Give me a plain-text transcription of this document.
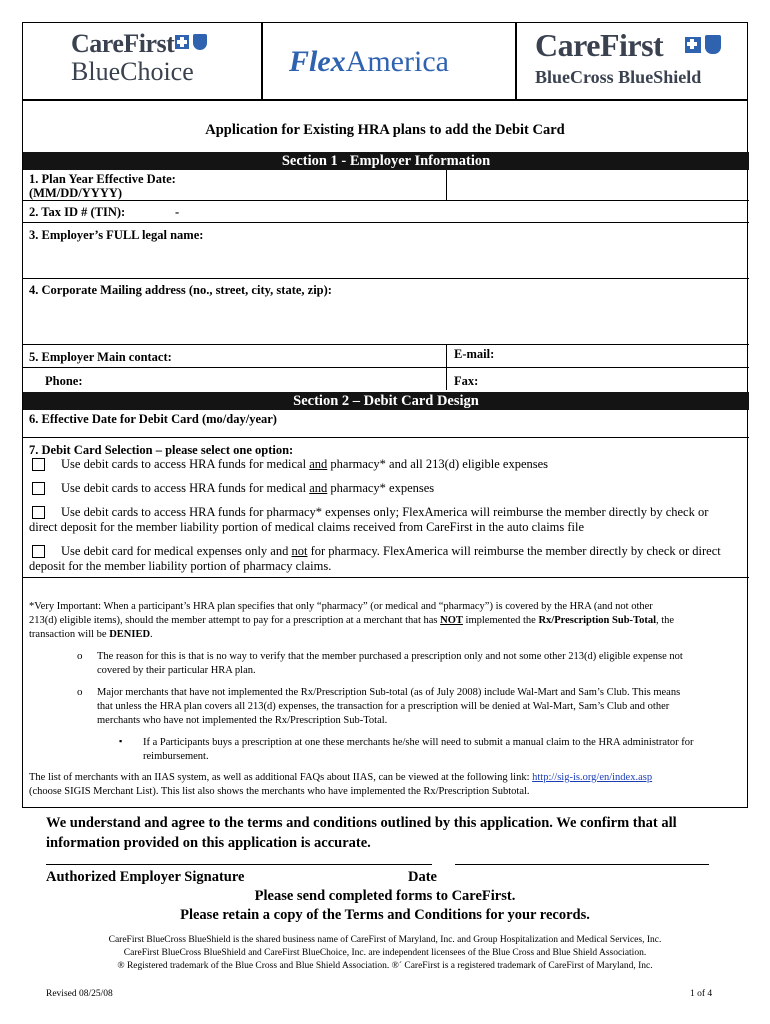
CareFirst
BlueChoice	FlexAmerica	CareFirst
BlueCross BlueShield
Application for Existing HRA plans to add the Debit Card
Section 1 - Employer Information
1. Plan Year Effective Date:
(MM/DD/YYYY)
2. Tax ID # (TIN):	-
3. Employer’s FULL legal name:
4. Corporate Mailing address (no., street, city, state, zip):
5. Employer Main contact:	E-mail:
Phone:	Fax:
Section 2 – Debit Card Design
6. Effective Date for Debit Card (mo/day/year)
7. Debit Card Selection – please select one option:
Use debit cards to access HRA funds for medical and pharmacy* and all 213(d) eligible expenses
Use debit cards to access HRA funds for medical and pharmacy* expenses
Use debit cards to access HRA funds for pharmacy* expenses only; FlexAmerica will reimburse the member directly by check or
direct deposit for the member liability portion of medical claims received from CareFirst in the auto claims file
Use debit card for medical expenses only and not for pharmacy. FlexAmerica will reimburse the member directly by check or direct
deposit for the member liability portion of pharmacy claims.
*Very Important: When a participant’s HRA plan specifies that only “pharmacy” (or medical and “pharmacy”) is covered by the HRA (and not other
213(d) eligible items), should the member attempt to pay for a prescription at a merchant that has NOT implemented the Rx/Prescription Sub-Total, the
transaction will be DENIED.
o The reason for this is that is no way to verify that the member purchased a prescription only and not some other 213(d) eligible expense not
covered by their particular HRA plan.
o Major merchants that have not implemented the Rx/Prescription Sub-total (as of July 2008) include Wal-Mart and Sam’s Club. This means
that unless the HRA plan covers all 213(d) expenses, the transaction for a prescription will be denied at Wal-Mart, Sam’s Club and other
merchants who have not implemented the Rx/Prescription Sub-Total.
▪ If a Participants buys a prescription at one these merchants he/she will need to submit a manual claim to the HRA administrator for
reimbursement.
The list of merchants with an IIAS system, as well as additional FAQs about IIAS, can be viewed at the following link: http://sig-is.org/en/index.asp
(choose SIGIS Merchant List). This list also shows the merchants who have implemented the Rx/Prescription Subtotal.
We understand and agree to the terms and conditions outlined by this application. We confirm that all
information provided on this application is accurate.
Authorized Employer Signature	Date
Please send completed forms to CareFirst.
Please retain a copy of the Terms and Conditions for your records.
CareFirst BlueCross BlueShield is the shared business name of CareFirst of Maryland, Inc. and Group Hospitalization and Medical Services, Inc.
CareFirst BlueCross BlueShield and CareFirst BlueChoice, Inc. are independent licensees of the Blue Cross and Blue Shield Association.
® Registered trademark of the Blue Cross and Blue Shield Association. ®´ CareFirst is a registered trademark of CareFirst of Maryland, Inc.
Revised 08/25/08	1 of 4
